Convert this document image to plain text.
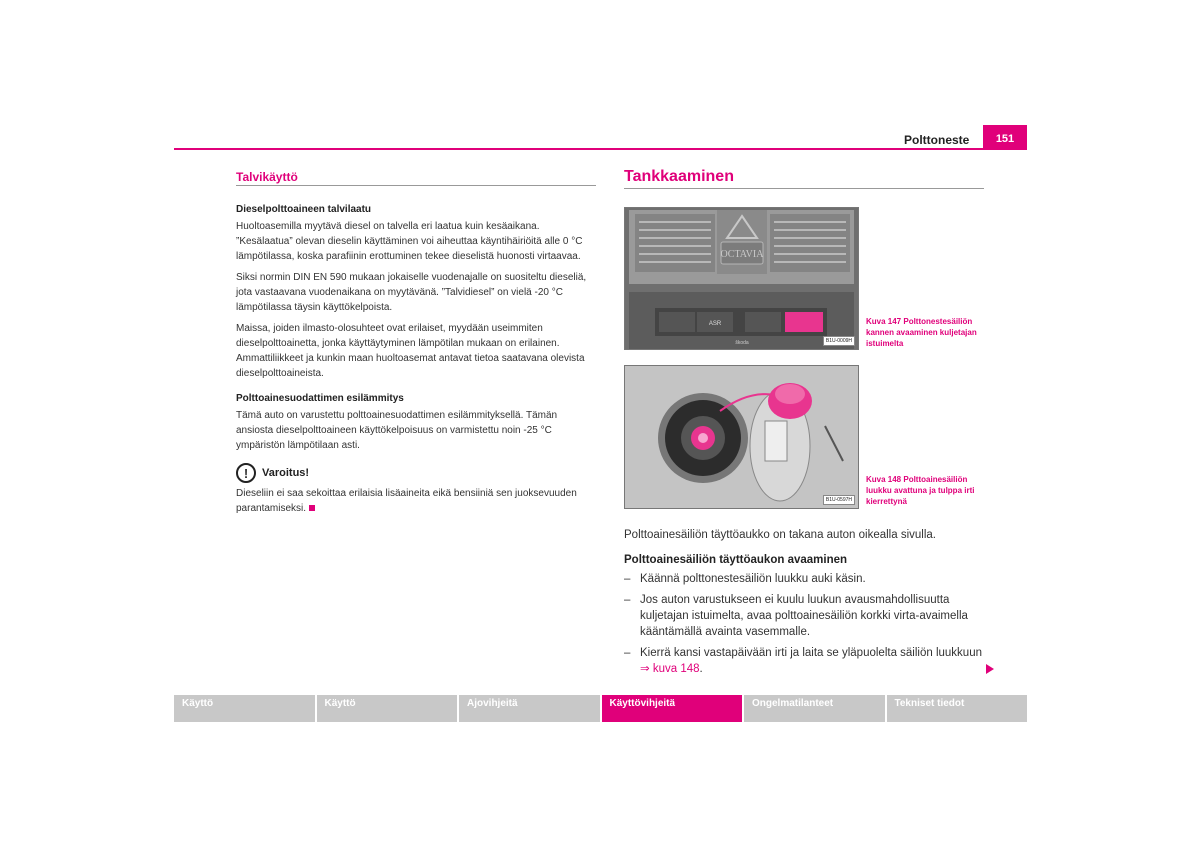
Polttoneste	151
Talvikäyttö
Dieselpolttoaineen talvilaatu

Huoltoasemilla myytävä diesel on talvella eri laatua kuin kesäaikana. ”Kesälaatua” olevan dieselin käyttäminen voi aiheuttaa käyntihäiriöitä alle 0 °C lämpötilassa, koska parafiinin erottuminen tekee dieselistä huonosti virtaavaa.

Siksi normin DIN EN 590 mukaan jokaiselle vuodenajalle on suositeltu dieseliä, jota vastaavana vuodenaikana on myytävänä. ”Talvidiesel” on vielä -20 °C lämpötilassa täysin käyttökelpoista.

Maissa, joiden ilmasto-olosuhteet ovat erilaiset, myydään useimmiten dieselpolttoainetta, jonka käyttäytyminen lämpötilan mukaan on erilainen. Ammattiliikkeet ja kunkin maan huoltoasemat antavat tietoa saatavana olevista dieselpolttoaineista.

Polttoainesuodattimen esilämmitys

Tämä auto on varustettu polttoainesuodattimen esilämmityksellä. Tämän ansiosta dieselpolttoaineen käyttökelpoisuus on varmistettu noin -25 °C ympäristön lämpötilaan asti.

!	Varoitus!

Dieseliin ei saa sekoittaa erilaisia lisäaineita eikä bensiiniä sen juoksevuuden parantamiseksi.

Tankkaaminen
OCTAVIA
ASR
škoda	B1U-0009H
Kuva 147 Polttonestesäiliön kannen avaaminen kuljetajan istuimelta
B1U-0597H
Kuva 148 Polttoainesäiliön luukku avattuna ja tulppa irti kierrettynä

Polttoainesäiliön täyttöaukko on takana auton oikealla sivulla.

Polttoainesäiliön täyttöaukon avaaminen
– Käännä polttonestesäiliön luukku auki käsin.
– Jos auton varustukseen ei kuulu luukun avausmahdollisuutta kuljetajan istuimelta, avaa polttoainesäiliön korkki virta-avaimella kääntämällä avainta vasemmalle.
– Kierrä kansi vastapäivään irti ja laita se yläpuolelta säiliön luukkuun
⇒ kuva 148.
Käyttö	Käyttö	Ajovihjeitä	Käyttövihjeitä	Ongelmatilanteet	Tekniset tiedot
